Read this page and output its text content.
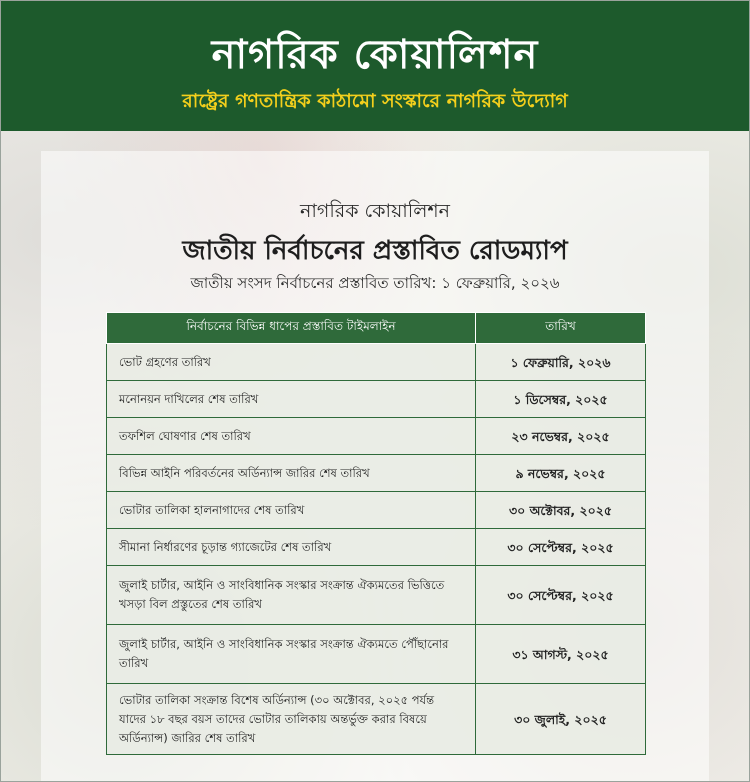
নাগরিক কোয়ালিশন
রাষ্ট্রের গণতান্ত্রিক কাঠামো সংস্কারে নাগরিক উদ্যোগ
নাগরিক কোয়ালিশন
জাতীয় নির্বাচনের প্রস্তাবিত রোডম্যাপ
জাতীয় সংসদ নির্বাচনের প্রস্তাবিত তারিখ: ১ ফেব্রুয়ারি, ২০২৬
নির্বাচনের বিভিন্ন ধাপের প্রস্তাবিত টাইমলাইন	তারিখ
ভোট গ্রহণের তারিখ	১ ফেব্রুয়ারি, ২০২৬
মনোনয়ন দাখিলের শেষ তারিখ	১ ডিসেম্বর, ২০২৫
তফশিল ঘোষণার শেষ তারিখ	২৩ নভেম্বর, ২০২৫
বিভিন্ন আইনি পরিবর্তনের অর্ডিন্যান্স জারির শেষ তারিখ	৯ নভেম্বর, ২০২৫
ভোটার তালিকা হালনাগাদের শেষ তারিখ	৩০ অক্টোবর, ২০২৫
সীমানা নির্ধারণের চূড়ান্ত গ্যাজেটের শেষ তারিখ	৩০ সেপ্টেম্বর, ২০২৫
জুলাই চার্টার, আইনি ও সাংবিধানিক সংস্কার সংক্রান্ত ঐক্যমতের ভিত্তিতে খসড়া বিল প্রস্তুতের শেষ তারিখ	৩০ সেপ্টেম্বর, ২০২৫
জুলাই চার্টার, আইনি ও সাংবিধানিক সংস্কার সংক্রান্ত ঐক্যমতে পৌঁছানোর তারিখ	৩১ আগস্ট, ২০২৫
ভোটার তালিকা সংক্রান্ত বিশেষ অর্ডিন্যান্স (৩০ অক্টোবর, ২০২৫ পর্যন্ত যাদের ১৮ বছর বয়স তাদের ভোটার তালিকায় অন্তর্ভুক্ত করার বিষয়ে অর্ডিন্যান্স) জারির শেষ তারিখ	৩০ জুলাই, ২০২৫
